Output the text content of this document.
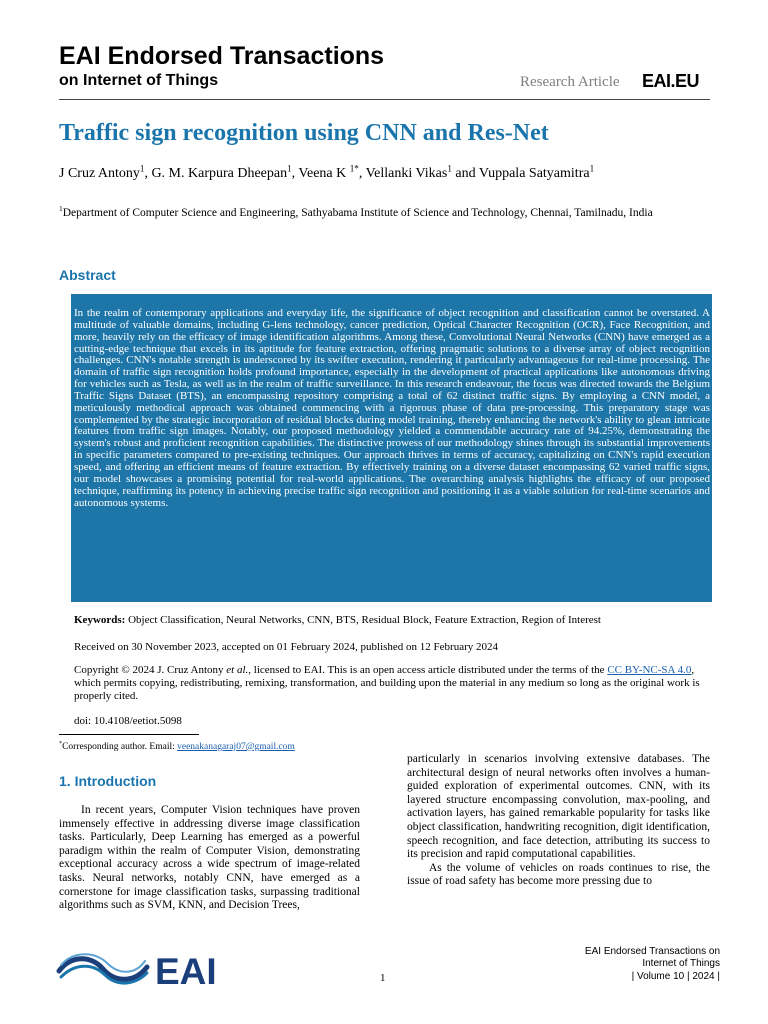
EAI Endorsed Transactions
on Internet of Things	Research Article EAI.EU
Traffic sign recognition using CNN and Res-Net
J Cruz Antony$^1$, G. M. Karpura Dheepan$^1$, Veena K $^{1*}$, Vellanki Vikas$^1$ and Vuppala Satyamitra$^1$
$^1$Department of Computer Science and Engineering, Sathyabama Institute of Science and Technology, Chennai, Tamilnadu, India
Abstract
In the realm of contemporary applications and everyday life, the significance of object recognition and classification cannot be overstated. A multitude of valuable domains, including G-lens technology, cancer prediction, Optical Character Recognition (OCR), Face Recognition, and more, heavily rely on the efficacy of image identification algorithms. Among these, Convolutional Neural Networks (CNN) have emerged as a cutting-edge technique that excels in its aptitude for feature extraction, offering pragmatic solutions to a diverse array of object recognition challenges. CNN's notable strength is underscored by its swifter execution, rendering it particularly advantageous for real-time processing. The domain of traffic sign recognition holds profound importance, especially in the development of practical applications like autonomous driving for vehicles such as Tesla, as well as in the realm of traffic surveillance. In this research endeavour, the focus was directed towards the Belgium Traffic Signs Dataset (BTS), an encompassing repository comprising a total of 62 distinct traffic signs. By employing a CNN model, a meticulously methodical approach was obtained commencing with a rigorous phase of data pre-processing. This preparatory stage was complemented by the strategic incorporation of residual blocks during model training, thereby enhancing the network's ability to glean intricate features from traffic sign images. Notably, our proposed methodology yielded a commendable accuracy rate of 94.25%, demonstrating the system's robust and proficient recognition capabilities. The distinctive prowess of our methodology shines through its substantial improvements in specific parameters compared to pre-existing techniques. Our approach thrives in terms of accuracy, capitalizing on CNN's rapid execution speed, and offering an efficient means of feature extraction. By effectively training on a diverse dataset encompassing 62 varied traffic signs, our model showcases a promising potential for real-world applications. The overarching analysis highlights the efficacy of our proposed technique, reaffirming its potency in achieving precise traffic sign recognition and positioning it as a viable solution for real-time scenarios and autonomous systems.
Keywords: Object Classification, Neural Networks, CNN, BTS, Residual Block, Feature Extraction, Region of Interest
Received on 30 November 2023, accepted on 01 February 2024, published on 12 February 2024
Copyright © 2024 J. Cruz Antony et al., licensed to EAI. This is an open access article distributed under the terms of the CC BY-NC-SA 4.0, which permits copying, redistributing, remixing, transformation, and building upon the material in any medium so long as the original work is properly cited.
doi: 10.4108/eetiot.5098
*Corresponding author. Email: veenakanagaraj07@gmail.com
1. Introduction

In recent years, Computer Vision techniques have proven immensely effective in addressing diverse image classification tasks. Particularly, Deep Learning has emerged as a powerful paradigm within the realm of Computer Vision, demonstrating exceptional accuracy across a wide spectrum of image-related tasks. Neural networks, notably CNN, have emerged as a cornerstone for image classification tasks, surpassing traditional algorithms such as SVM, KNN, and Decision Trees,

particularly in scenarios involving extensive databases. The architectural design of neural networks often involves a human-guided exploration of experimental outcomes. CNN, with its layered structure encompassing convolution, max-pooling, and activation layers, has gained remarkable popularity for tasks like object classification, handwriting recognition, digit identification, speech recognition, and face detection, attributing its success to its precision and rapid computational capabilities.

As the volume of vehicles on roads continues to rise, the issue of road safety has become more pressing due to

EAI	1
EAI Endorsed Transactions on
Internet of Things
| Volume 10 | 2024 |
